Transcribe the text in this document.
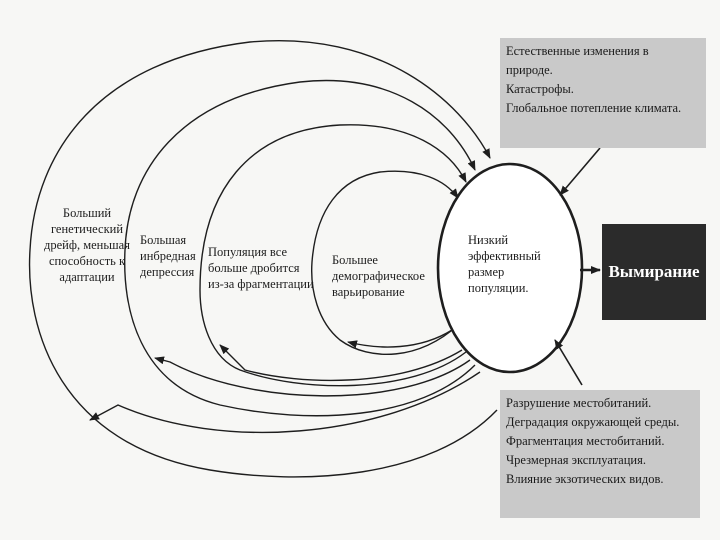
Больший
генетический
дрейф, меньшая
способность к
адаптации
Большая
инбредная
депрессия
Популяция все
больше дробится
из-за фрагментации
Большее
демографическое
варьирование
Низкий
эффективный
размер
популяции.
Естественные изменения в
природе.
Катастрофы.
Глобальное потепление климата.
Разрушение местобитаний.
Деградация окружающей среды.
Фрагментация местобитаний.
Чрезмерная эксплуатация.
Влияние экзотических видов.
Вымирание
